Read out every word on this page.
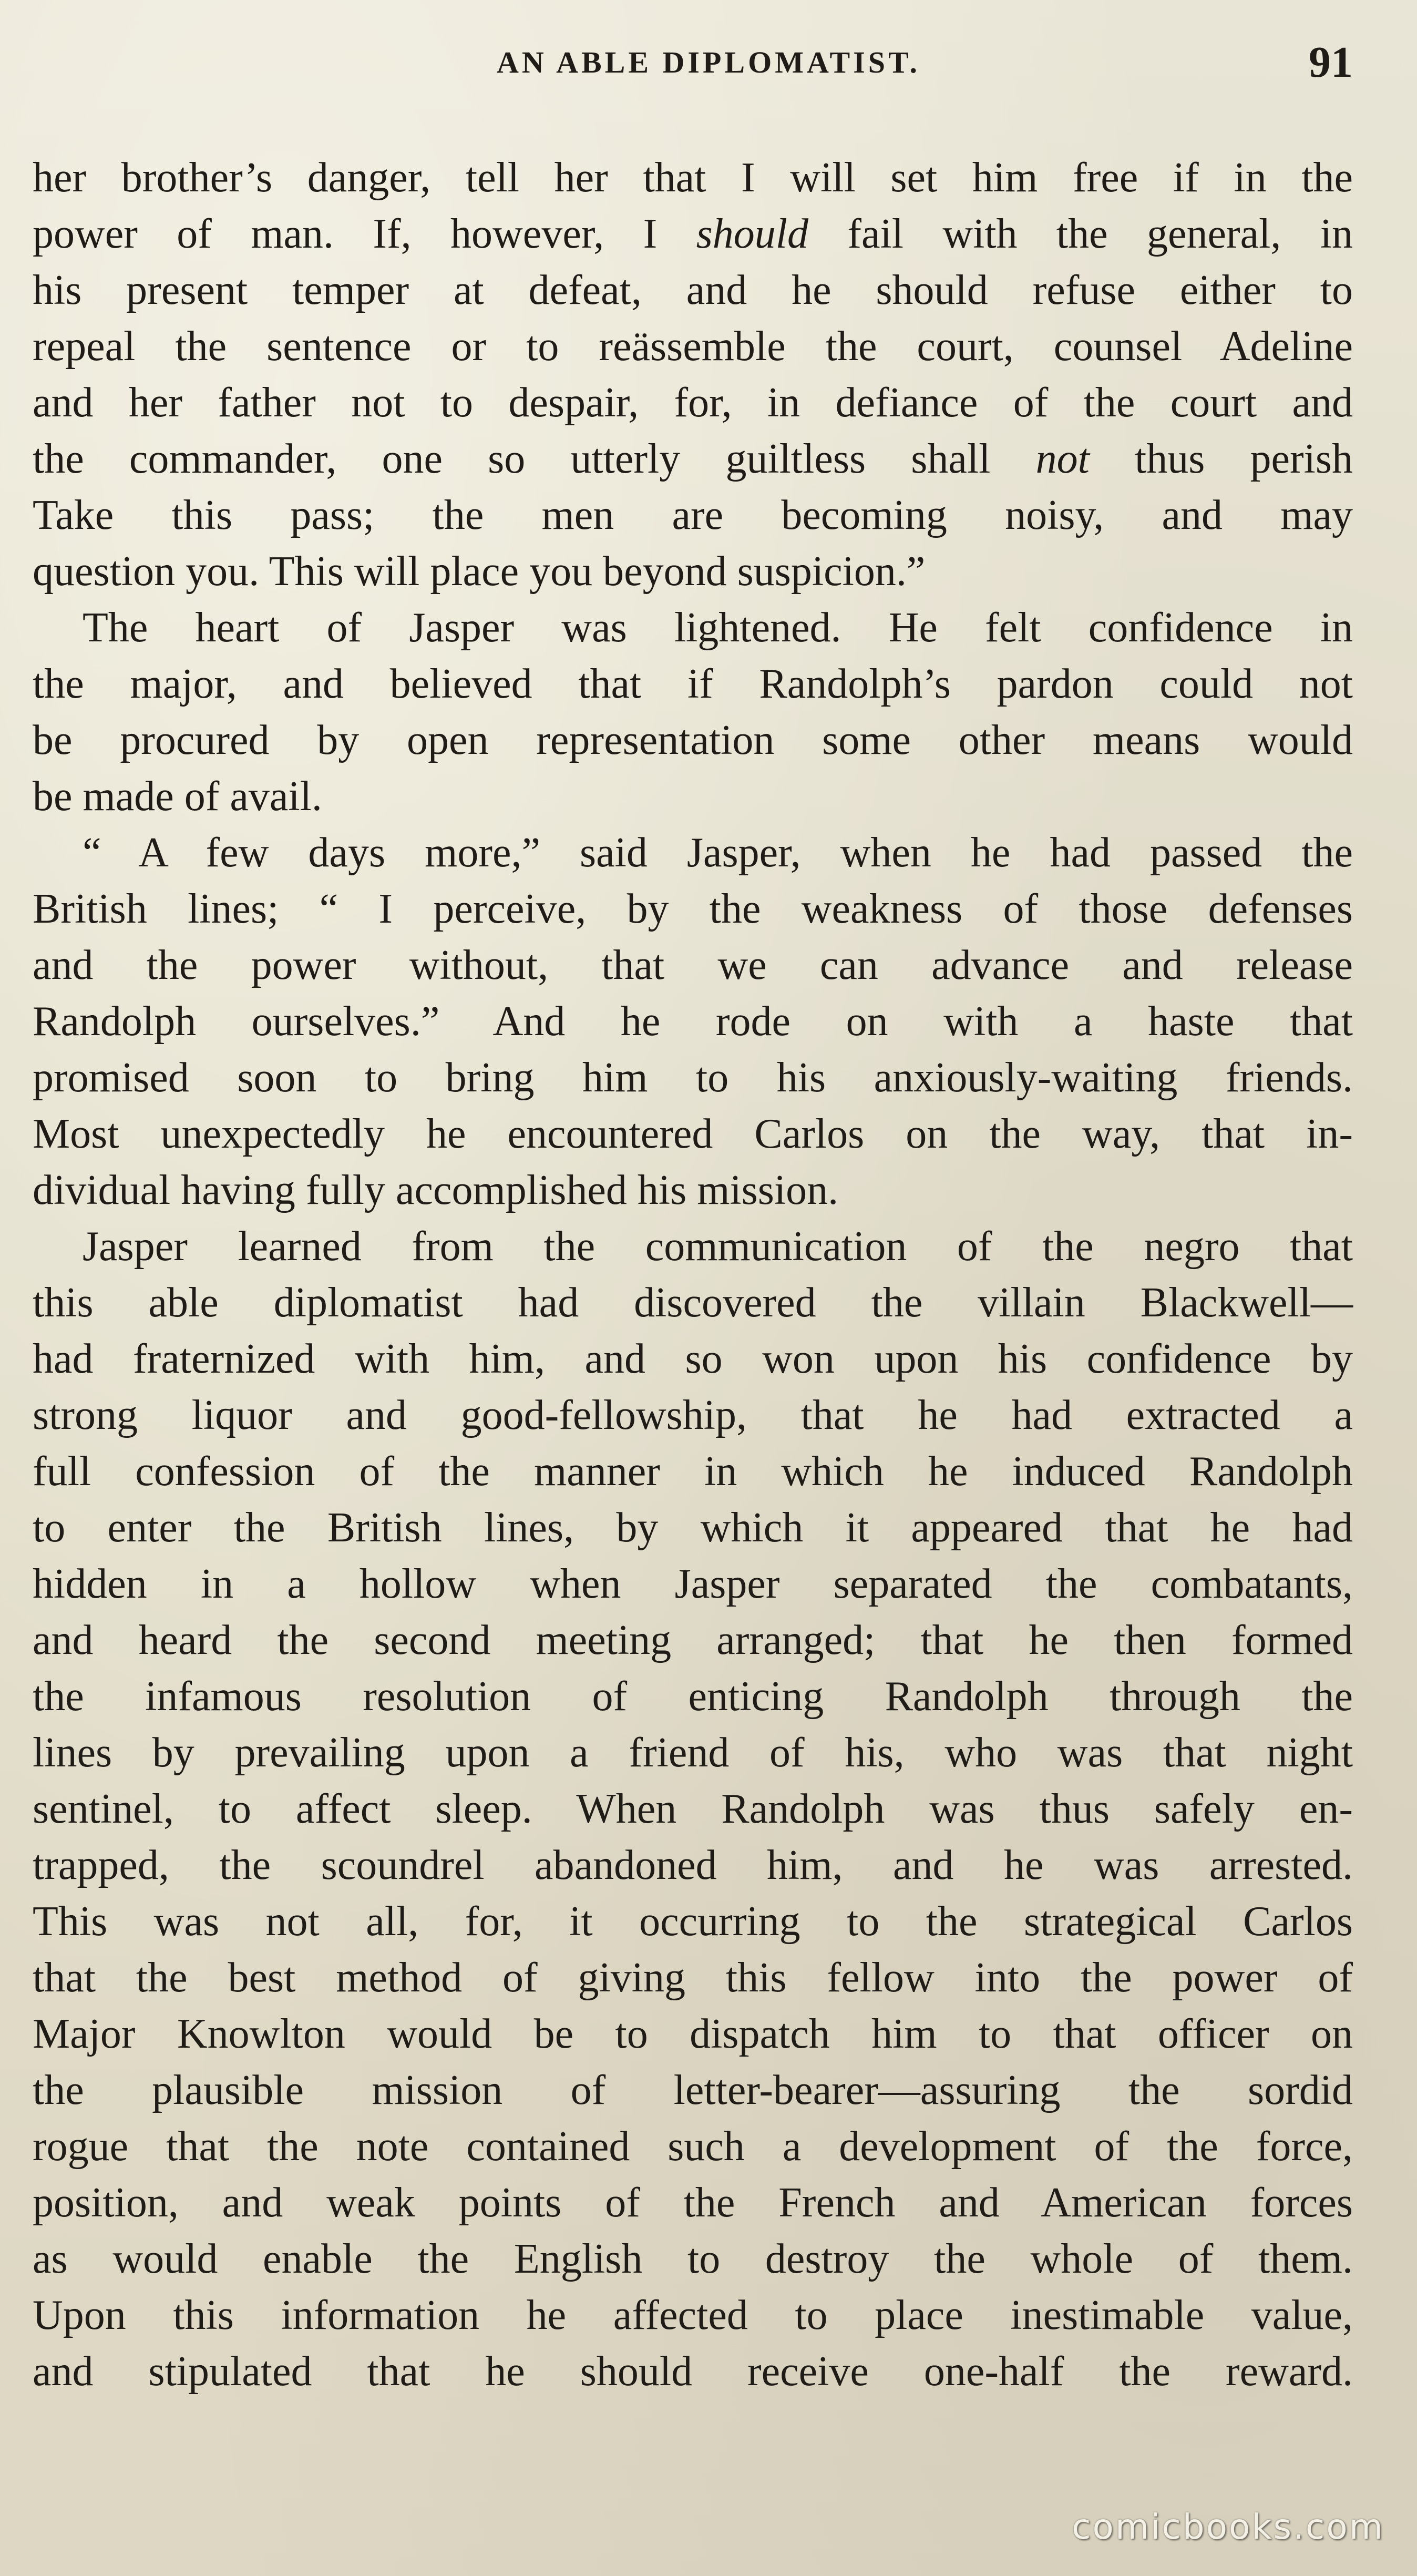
AN ABLE DIPLOMATIST.	91
her brother’s danger, tell her that I will set him free if in the
power of man. If, however, I should fail with the general, in
his present temper at defeat, and he should refuse either to
repeal the sentence or to reässemble the court, counsel Adeline
and her father not to despair, for, in defiance of the court and
the commander, one so utterly guiltless shall not thus perish
Take this pass; the men are becoming noisy, and may
question you. This will place you beyond suspicion.”
The heart of Jasper was lightened. He felt confidence in
the major, and believed that if Randolph’s pardon could not
be procured by open representation some other means would
be made of avail.
“ A few days more,” said Jasper, when he had passed the
British lines; “ I perceive, by the weakness of those defenses
and the power without, that we can advance and release
Randolph ourselves.” And he rode on with a haste that
promised soon to bring him to his anxiously-waiting friends.
Most unexpectedly he encountered Carlos on the way, that in-
dividual having fully accomplished his mission.
Jasper learned from the communication of the negro that
this able diplomatist had discovered the villain Blackwell—
had fraternized with him, and so won upon his confidence by
strong liquor and good-fellowship, that he had extracted a
full confession of the manner in which he induced Randolph
to enter the British lines, by which it appeared that he had
hidden in a hollow when Jasper separated the combatants,
and heard the second meeting arranged; that he then formed
the infamous resolution of enticing Randolph through the
lines by prevailing upon a friend of his, who was that night
sentinel, to affect sleep. When Randolph was thus safely en-
trapped, the scoundrel abandoned him, and he was arrested.
This was not all, for, it occurring to the strategical Carlos
that the best method of giving this fellow into the power of
Major Knowlton would be to dispatch him to that officer on
the plausible mission of letter-bearer—assuring the sordid
rogue that the note contained such a development of the force,
position, and weak points of the French and American forces
as would enable the English to destroy the whole of them.
Upon this information he affected to place inestimable value,
and stipulated that he should receive one-half the reward.
comicbooks.com
